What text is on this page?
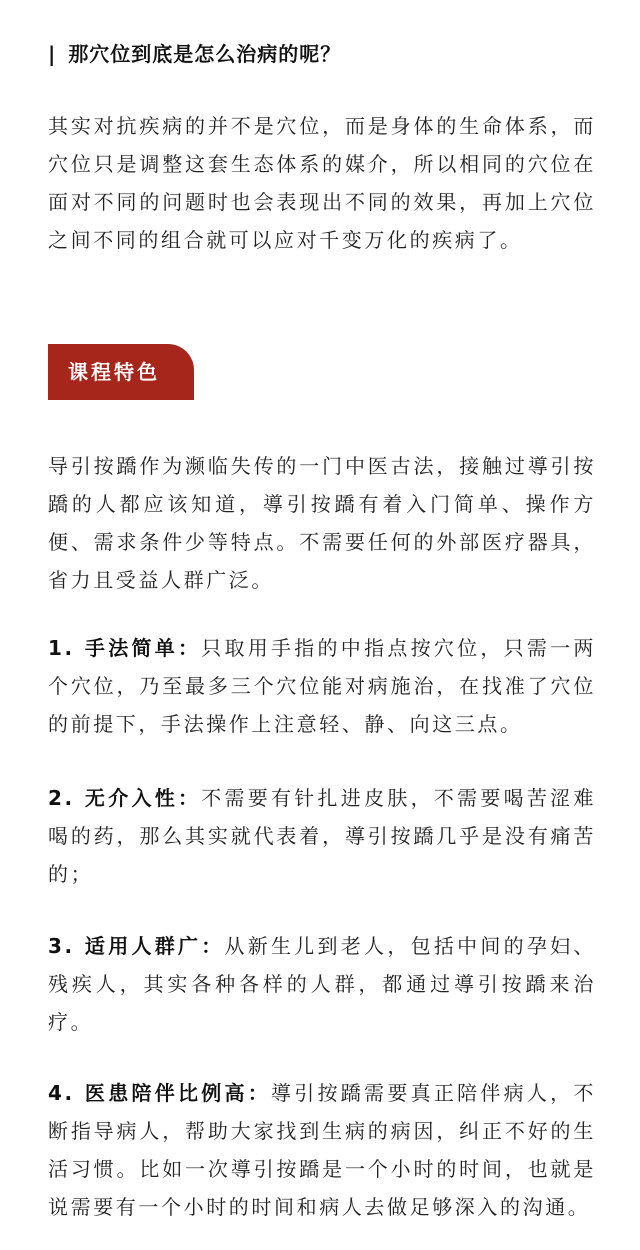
| 那穴位到底是怎么治病的呢？
其实对抗疾病的并不是穴位，而是身体的生命体系，而穴位只是调整这套生态体系的媒介，所以相同的穴位在面对不同的问题时也会表现出不同的效果，再加上穴位之间不同的组合就可以应对千变万化的疾病了。
课程特色
导引按蹻作为濒临失传的一门中医古法，接触过導引按蹻的人都应该知道，導引按蹻有着入门简单、操作方便、需求条件少等特点。不需要任何的外部医疗器具，省力且受益人群广泛。
1. 手法简单：只取用手指的中指点按穴位，只需一两个穴位，乃至最多三个穴位能对病施治，在找准了穴位的前提下，手法操作上注意轻、静、向这三点。
2. 无介入性：不需要有针扎进皮肤，不需要喝苦涩难喝的药，那么其实就代表着，導引按蹻几乎是没有痛苦的；
3. 适用人群广：从新生儿到老人，包括中间的孕妇、残疾人，其实各种各样的人群，都通过導引按蹻来治疗。
4. 医患陪伴比例高：導引按蹻需要真正陪伴病人，不断指导病人，帮助大家找到生病的病因，纠正不好的生活习惯。比如一次導引按蹻是一个小时的时间，也就是说需要有一个小时的时间和病人去做足够深入的沟通。
